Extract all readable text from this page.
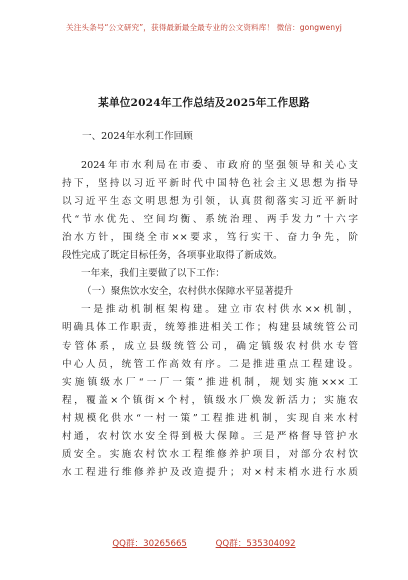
关注头条号“公文研究”，获得最新最全最专业的公文资料库！ 微信：gongwenyj
某单位2024年工作总结及2025年工作思路
一、2024年水利工作回顾
2024年市水利局在市委、市政府的坚强领导和关心支
持下，坚持以习近平新时代中国特色社会主义思想为指导
以习近平生态文明思想为引领，认真贯彻落实习近平新时
代“节水优先、空间均衡、系统治理、两手发力”十六字
治水方针，围绕全市××要求，笃行实干、奋力争先，阶
段性完成了既定目标任务，各项事业取得了新成效。
一年来，我们主要做了以下工作：
（一）聚焦饮水安全，农村供水保障水平显著提升
一是推动机制框架构建。建立市农村供水××机制，
明确具体工作职责，统筹推进相关工作；构建县域统管公司
专管体系，成立县级统管公司，确定镇级农村供水专管
中心人员，统管工作高效有序。二是推进重点工程建设。
实施镇级水厂“一厂一策”推进机制，规划实施×××工
程，覆盖×个镇街×个村，镇级水厂焕发新活力；实施农
村规模化供水“一村一策”工程推进机制，实现自来水村
村通，农村饮水安全得到极大保障。三是严格督导管护水
质安全。实施农村饮水工程维修养护项目，对部分农村饮
水工程进行维修养护及改造提升；对×村末梢水进行水质
QQ群：30265665	QQ群：535304092
